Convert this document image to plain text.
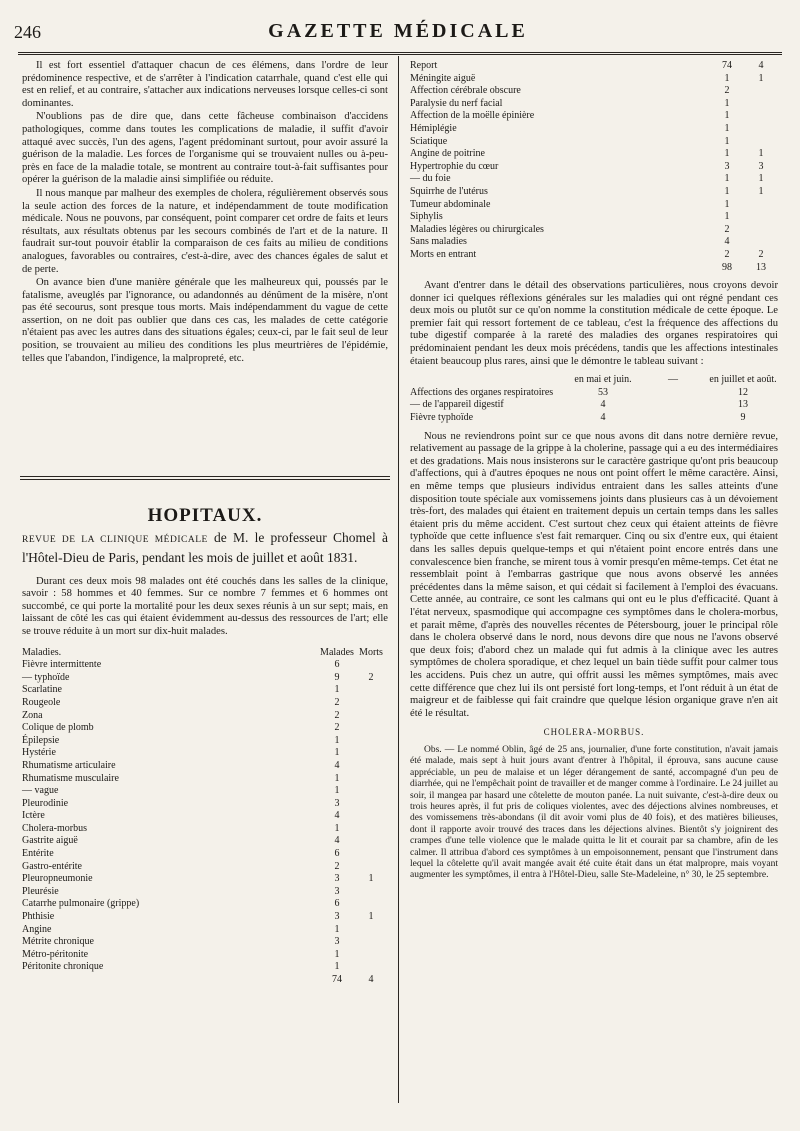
246	GAZETTE MÉDICALE

Il est fort essentiel d'attaquer chacun de ces élémens, dans l'ordre de leur prédominence respective, et de s'arrêter à l'indication catarrhale, quand c'est elle qui est en relief, et au contraire, s'attacher aux indications nerveuses lorsque celles-ci sont dominantes.

N'oublions pas de dire que, dans cette fâcheuse combinaison d'accidens pathologiques, comme dans toutes les complications de maladie, il suffit d'avoir attaqué avec succès, l'un des agens, l'agent prédominant surtout, pour avoir assuré la guérison de la maladie. Les forces de l'organisme qui se trouvaient nulles ou à-peu-près en face de la maladie totale, se montrent au contraire tout-à-fait suffisantes pour opérer la guérison de la maladie ainsi simplifiée ou réduite.

Il nous manque par malheur des exemples de cholera, régulièrement observés sous la seule action des forces de la nature, et indépendamment de toute modification médicale. Nous ne pouvons, par conséquent, point comparer cet ordre de faits et leurs résultats, aux résultats obtenus par les secours combinés de l'art et de la nature. Il faudrait sur-tout pouvoir établir la comparaison de ces faits au milieu de conditions analogues, favorables ou contraires, c'est-à-dire, avec des chances égales de salut et de perte.

On avance bien d'une manière générale que les malheureux qui, poussés par le fatalisme, aveuglés par l'ignorance, ou adandonnés au dénûment de la misère, n'ont pas été secourus, sont presque tous morts. Mais indépendamment du vague de cette assertion, on ne doit pas oublier que dans ces cas, les malades de cette catégorie n'étaient pas avec les autres dans des situations égales; ceux-ci, par le fait seul de leur position, se trouvaient au milieu des conditions les plus meurtrières de l'épidémie, telles que l'abandon, l'indigence, la malpropreté, etc.

HOPITAUX.

REVUE DE LA CLINIQUE MÉDICALE de M. le professeur Chomel à l'Hôtel-Dieu de Paris, pendant les mois de juillet et août 1831.

Durant ces deux mois 98 malades ont été couchés dans les salles de la clinique, savoir : 58 hommes et 40 femmes. Sur ce nombre 7 femmes et 6 hommes ont succombé, ce qui porte la mortalité pour les deux sexes réunis à un sur sept; mais, en laissant de côté les cas qui étaient évidemment au-dessus des ressources de l'art; elle se trouve réduite à un mort sur dix-huit malades.

Maladies.	Malades	Morts
Fièvre intermittente	6	
— typhoïde	9	2
Scarlatine	1	
Rougeole	2	
Zona	2	
Colique de plomb	2	
Épilepsie	1	
Hystérie	1	
Rhumatisme articulaire	4	
Rhumatisme musculaire	1	
— vague	1	
Pleurodinie	3	
Ictère	4	
Cholera-morbus	1	
Gastrite aiguë	4	
Entérite	6	
Gastro-entérite	2	
Pleuropneumonie	3	1
Pleurésie	3	
Catarrhe pulmonaire (grippe)	6	
Phthisie	3	1
Angine	1	
Métrite chronique	3	
Métro-péritonite	1	
Péritonite chronique	1	
	74	4
Report	74	4
Méningite aiguë	1	1
Affection cérébrale obscure	2	
Paralysie du nerf facial	1	
Affection de la moëlle épinière	1	
Hémiplégie	1	
Sciatique	1	
Angine de poitrine	1	1
Hypertrophie du cœur	3	3
— du foie	1	1
Squirrhe de l'utérus	1	1
Tumeur abdominale	1	
Siphylis	1	
Maladies légères ou chirurgicales	2	
Sans maladies	4	
Morts en entrant	2	2
	98	13

Avant d'entrer dans le détail des observations particulières, nous croyons devoir donner ici quelques réflexions générales sur les maladies qui ont régné pendant ces deux mois ou plutôt sur ce qu'on nomme la constitution médicale de cette époque. Le premier fait qui ressort fortement de ce tableau, c'est la fréquence des affections du tube digestif comparée à la rareté des maladies des organes respiratoires qui prédominaient pendant les deux mois précédens, tandis que les affections intestinales étaient beaucoup plus rares, ainsi que le démontre le tableau suivant :

	en mai et juin.	—	en juillet et août.
Affections des organes respiratoires	53		12
— de l'appareil digestif	4		13
Fièvre typhoïde	4		9

Nous ne reviendrons point sur ce que nous avons dit dans notre dernière revue, relativement au passage de la grippe à la cholerine, passage qui a eu des intermédiaires et des gradations. Mais nous insisterons sur le caractère gastrique qu'ont pris beaucoup d'affections, qui à d'autres époques ne nous ont point offert le même caractère. Ainsi, en même temps que plusieurs individus entraient dans les salles atteints d'une disposition toute spéciale aux vomissemens joints dans plusieurs cas à un dévoiement très-fort, des malades qui étaient en traitement depuis un certain temps dans les salles étaient pris du même accident. C'est surtout chez ceux qui étaient atteints de fièvre typhoïde que cette influence s'est fait remarquer. Cinq ou six d'entre eux, qui étaient dans les salles depuis quelque-temps et qui n'étaient point encore entrés dans une convalescence bien franche, se mirent tous à vomir presqu'en même-temps. Cet état ne ressemblait point à l'embarras gastrique que nous avons observé les années précédentes dans la même saison, et qui cédait si facilement à l'emploi des évacuans. Cette année, au contraire, ce sont les calmans qui ont eu le plus d'efficacité. Quant à l'état nerveux, spasmodique qui accompagne ces symptômes dans le cholera-morbus, et parait même, d'après des nouvelles récentes de Pétersbourg, jouer le principal rôle dans le cholera observé dans le nord, nous devons dire que nous ne l'avons observé que deux fois; d'abord chez un malade qui fut admis à la clinique avec les autres symptômes de cholera sporadique, et chez lequel un bain tiède suffit pour calmer tous les accidens. Puis chez un autre, qui offrit aussi les mêmes symptômes, mais avec cette différence que chez lui ils ont persisté fort long-temps, et l'ont réduit à un état de maigreur et de faiblesse qui fait craindre que quelque lésion organique grave n'en ait été le résultat.

CHOLERA-MORBUS.

Obs. — Le nommé Oblin, âgé de 25 ans, journalier, d'une forte constitution, n'avait jamais été malade, mais sept à huit jours avant d'entrer à l'hôpital, il éprouva, sans aucune cause appréciable, un peu de malaise et un léger dérangement de santé, accompagné d'un peu de diarrhée, qui ne l'empêchait point de travailler et de manger comme à l'ordinaire. Le 24 juillet au soir, il mangea par hasard une côtelette de mouton panée. La nuit suivante, c'est-à-dire deux ou trois heures après, il fut pris de coliques violentes, avec des déjections alvines nombreuses, et des vomissemens très-abondans (il dit avoir vomi plus de 40 fois), et des matières bilieuses, dont il rapporte avoir trouvé des traces dans les déjections alvines. Bientôt s'y joignirent des crampes d'une telle violence que le malade quitta le lit et courait par sa chambre, afin de les calmer. Il attribua d'abord ces symptômes à un empoisonnement, pensant que l'instrument dans lequel la côtelette qu'il avait mangée avait été cuite était dans un état malpropre, mais voyant augmenter les symptômes, il entra à l'Hôtel-Dieu, salle Ste-Madeleine, n° 30, le 25 septembre.
